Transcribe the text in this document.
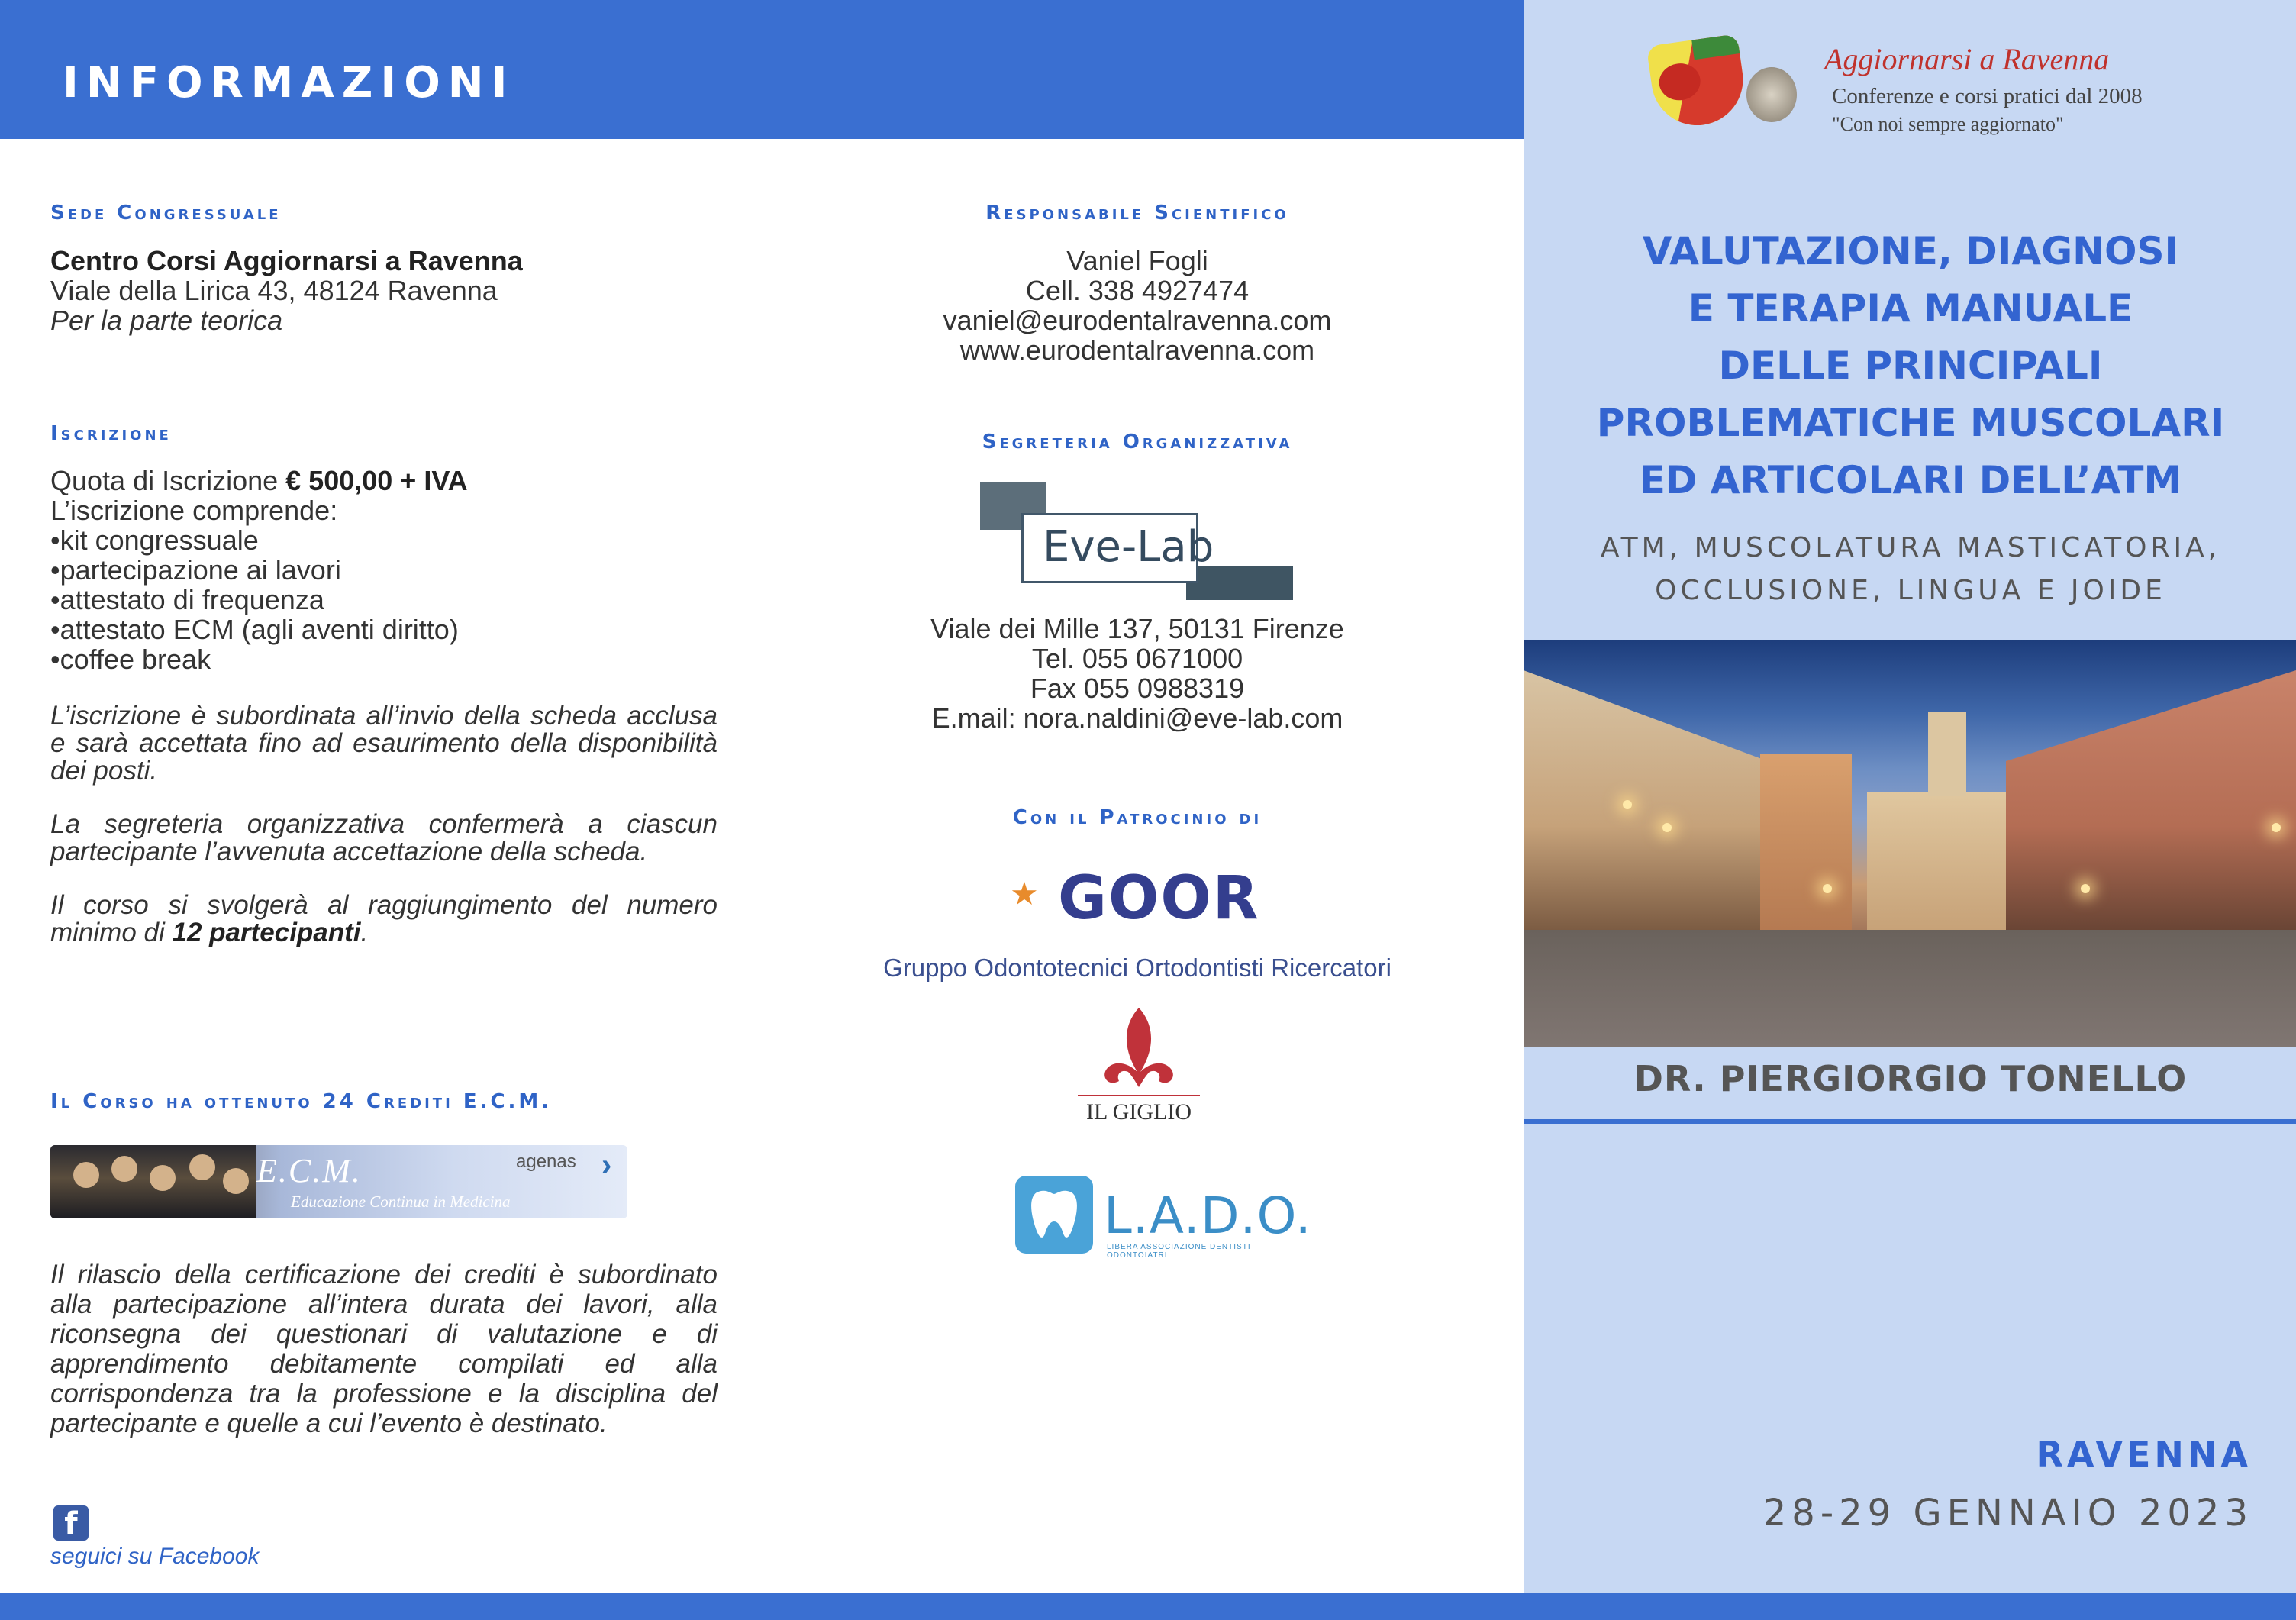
INFORMAZIONI
Sede Congressuale
Centro Corsi Aggiornarsi a Ravenna
Viale della Lirica 43, 48124 Ravenna
Per la parte teorica
Iscrizione
Quota di Iscrizione € 500,00 + IVA
L’iscrizione comprende:
•kit congressuale
•partecipazione ai lavori
•attestato di frequenza
•attestato ECM (agli aventi diritto)
•coffee break
L’iscrizione è subordinata all’invio della scheda acclusa e sarà accettata fino ad esaurimento della disponibilità dei posti.
La segreteria organizzativa confermerà a ciascun partecipante l’avvenuta accettazione della scheda.
Il corso si svolgerà al raggiungimento del numero minimo di 12 partecipanti.
Il Corso ha ottenuto 24 Crediti E.C.M.
E.C.M.
Educazione Continua in Medicina
agenas ›
Il rilascio della certificazione dei crediti è subordinato alla partecipazione all’intera durata dei lavori, alla riconsegna dei questionari di valutazione e di apprendimento debitamente compilati ed alla corrispondenza tra la professione e la disciplina del partecipante e quelle a cui l’evento è destinato.
f
seguici su Facebook
Responsabile Scientifico
Vaniel Fogli
Cell. 338 4927474
vaniel@eurodentalravenna.com
www.eurodentalravenna.com
Segreteria Organizzativa
Eve-Lab
Viale dei Mille 137, 50131 Firenze
Tel. 055 0671000
Fax 055 0988319
E.mail: nora.naldini@eve-lab.com
Con il Patrocinio di
⋆ GOOR
Gruppo Odontotecnici Ortodontisti Ricercatori
IL GIGLIO
L.A.D.O.
LIBERA ASSOCIAZIONE DENTISTI ODONTOIATRI
Aggiornarsi a Ravenna
Conferenze e corsi pratici dal 2008
"Con noi sempre aggiornato"
VALUTAZIONE, DIAGNOSI
E TERAPIA MANUALE
DELLE PRINCIPALI
PROBLEMATICHE MUSCOLARI
ED ARTICOLARI DELL’ATM
ATM, MUSCOLATURA MASTICATORIA,
OCCLUSIONE, LINGUA E JOIDE
DR. PIERGIORGIO TONELLO
RAVENNA
28-29 GENNAIO 2023
